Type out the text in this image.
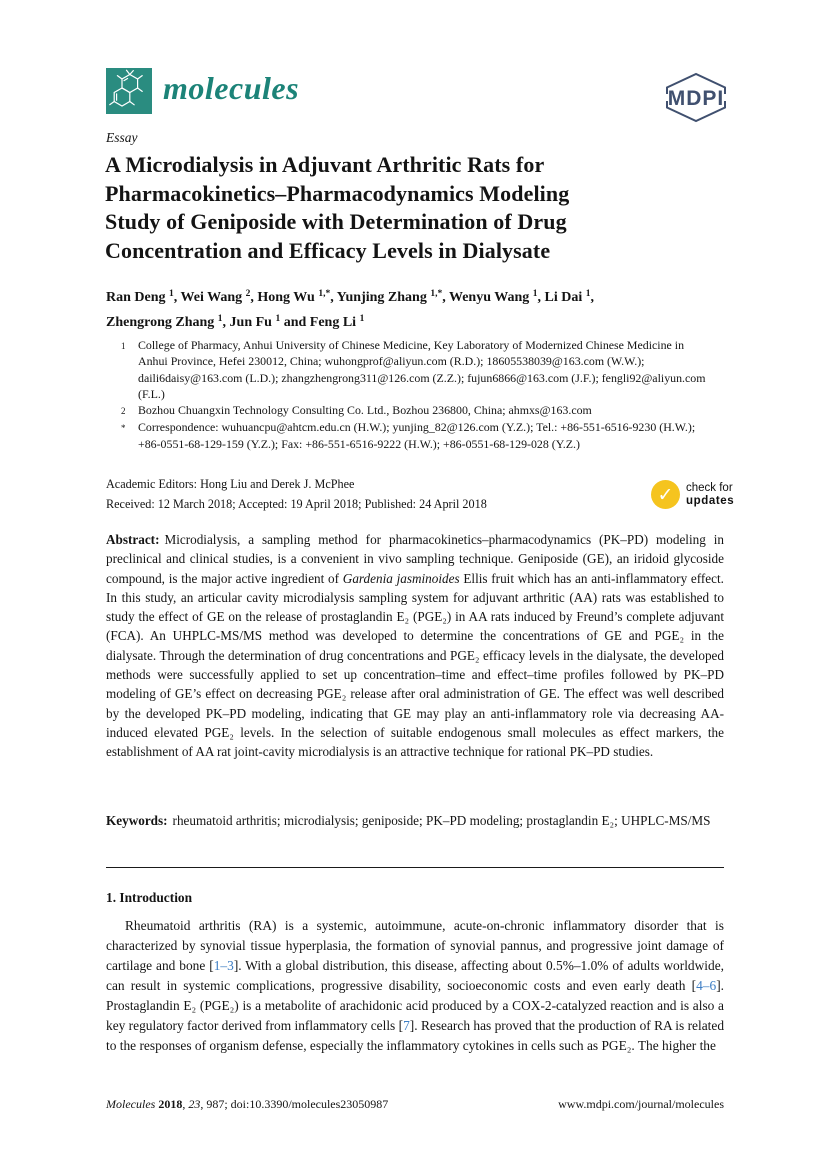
molecules	MDPI
Essay
A Microdialysis in Adjuvant Arthritic Rats for
Pharmacokinetics–Pharmacodynamics Modeling
Study of Geniposide with Determination of Drug
Concentration and Efficacy Levels in Dialysate
Ran Deng $^1$, Wei Wang $^2$, Hong Wu $^{1,*}$, Yunjing Zhang $^{1,*}$, Wenyu Wang $^1$, Li Dai $^1$,
Zhengrong Zhang $^1$, Jun Fu $^1$ and Feng Li $^1$
1	College of Pharmacy, Anhui University of Chinese Medicine, Key Laboratory of Modernized Chinese Medicine in Anhui Province, Hefei 230012, China; wuhongprof@aliyun.com (R.D.); 18605538039@163.com (W.W.); daili6daisy@163.com (L.D.); zhangzhengrong311@126.com (Z.Z.); fujun6866@163.com (J.F.); fengli92@aliyun.com (F.L.)
2	Bozhou Chuangxin Technology Consulting Co. Ltd., Bozhou 236800, China; ahmxs@163.com
*	Correspondence: wuhuancpu@ahtcm.edu.cn (H.W.); yunjing_82@126.com (Y.Z.); Tel.: +86-551-6516-9230 (H.W.); +86-0551-68-129-159 (Y.Z.); Fax: +86-551-6516-9222 (H.W.); +86-0551-68-129-028 (Y.Z.)
Academic Editors: Hong Liu and Derek J. McPhee
Received: 12 March 2018; Accepted: 19 April 2018; Published: 24 April 2018	✓	check for
updates
Abstract: Microdialysis, a sampling method for pharmacokinetics–pharmacodynamics (PK–PD) modeling in preclinical and clinical studies, is a convenient in vivo sampling technique. Geniposide (GE), an iridoid glycoside compound, is the major active ingredient of Gardenia jasminoides Ellis fruit which has an anti-inflammatory effect. In this study, an articular cavity microdialysis sampling system for adjuvant arthritic (AA) rats was established to study the effect of GE on the release of prostaglandin E₂ (PGE₂) in AA rats induced by Freund’s complete adjuvant (FCA). An UHPLC-MS/MS method was developed to determine the concentrations of GE and PGE₂ in the dialysate. Through the determination of drug concentrations and PGE₂ efficacy levels in the dialysate, the developed methods were successfully applied to set up concentration–time and effect–time profiles followed by PK–PD modeling of GE’s effect on decreasing PGE₂ release after oral administration of GE. The effect was well described by the developed PK–PD modeling, indicating that GE may play an anti-inflammatory role via decreasing AA-induced elevated PGE₂ levels. In the selection of suitable endogenous small molecules as effect markers, the establishment of AA rat joint-cavity microdialysis is an attractive technique for rational PK–PD studies.
Keywords: rheumatoid arthritis; microdialysis; geniposide; PK–PD modeling; prostaglandin E₂; UHPLC-MS/MS
1. Introduction

Rheumatoid arthritis (RA) is a systemic, autoimmune, acute-on-chronic inflammatory disorder that is characterized by synovial tissue hyperplasia, the formation of synovial pannus, and progressive joint damage of cartilage and bone [1–3]. With a global distribution, this disease, affecting about 0.5%–1.0% of adults worldwide, can result in systemic complications, progressive disability, socioeconomic costs and even early death [4–6]. Prostaglandin E₂ (PGE₂) is a metabolite of arachidonic acid produced by a COX-2-catalyzed reaction and is also a key regulatory factor derived from inflammatory cells [7]. Research has proved that the production of RA is related to the responses of organism defense, especially the inflammatory cytokines in cells such as PGE₂. The higher the

Molecules 2018, 23, 987; doi:10.3390/molecules23050987	www.mdpi.com/journal/molecules
